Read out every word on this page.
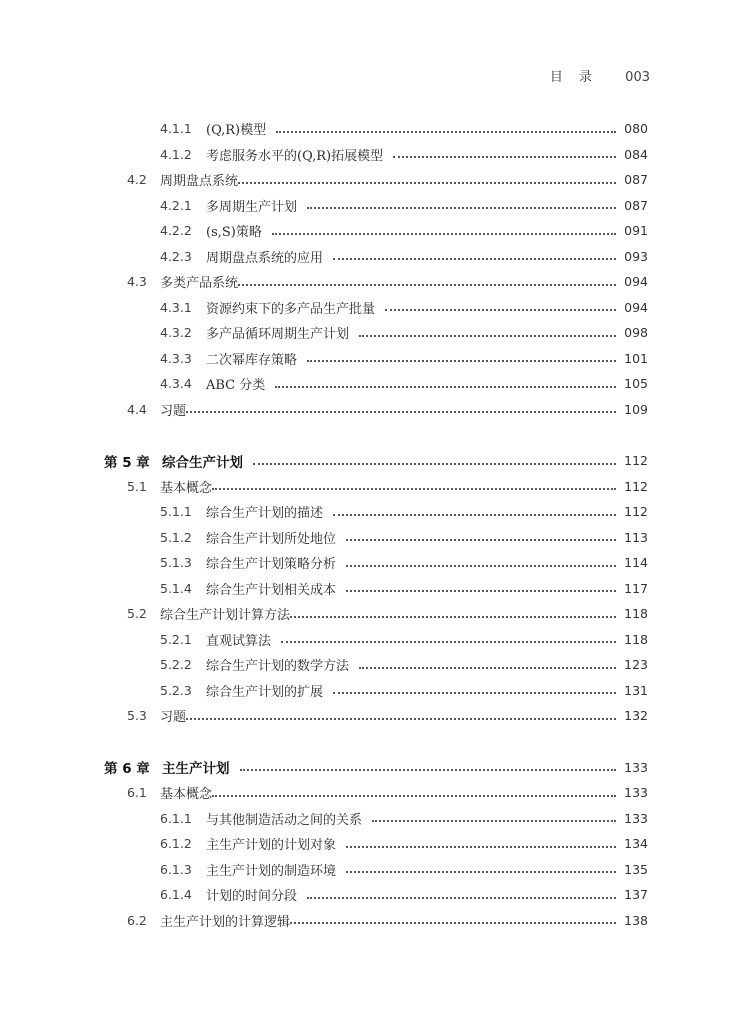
目 录 003
4.1.1	(Q,R)模型	080
4.1.2	考虑服务水平的(Q,R)拓展模型	084
4.2	周期盘点系统	087
4.2.1	多周期生产计划	087
4.2.2	(s,S)策略	091
4.2.3	周期盘点系统的应用	093
4.3	多类产品系统	094
4.3.1	资源约束下的多产品生产批量	094
4.3.2	多产品循环周期生产计划	098
4.3.3	二次幂库存策略	101
4.3.4	ABC 分类	105
4.4	习题	109
第 5 章 综合生产计划	112
5.1	基本概念	112
5.1.1	综合生产计划的描述	112
5.1.2	综合生产计划所处地位	113
5.1.3	综合生产计划策略分析	114
5.1.4	综合生产计划相关成本	117
5.2	综合生产计划计算方法	118
5.2.1	直观试算法	118
5.2.2	综合生产计划的数学方法	123
5.2.3	综合生产计划的扩展	131
5.3	习题	132
第 6 章 主生产计划	133
6.1	基本概念	133
6.1.1	与其他制造活动之间的关系	133
6.1.2	主生产计划的计划对象	134
6.1.3	主生产计划的制造环境	135
6.1.4	计划的时间分段	137
6.2	主生产计划的计算逻辑	138
